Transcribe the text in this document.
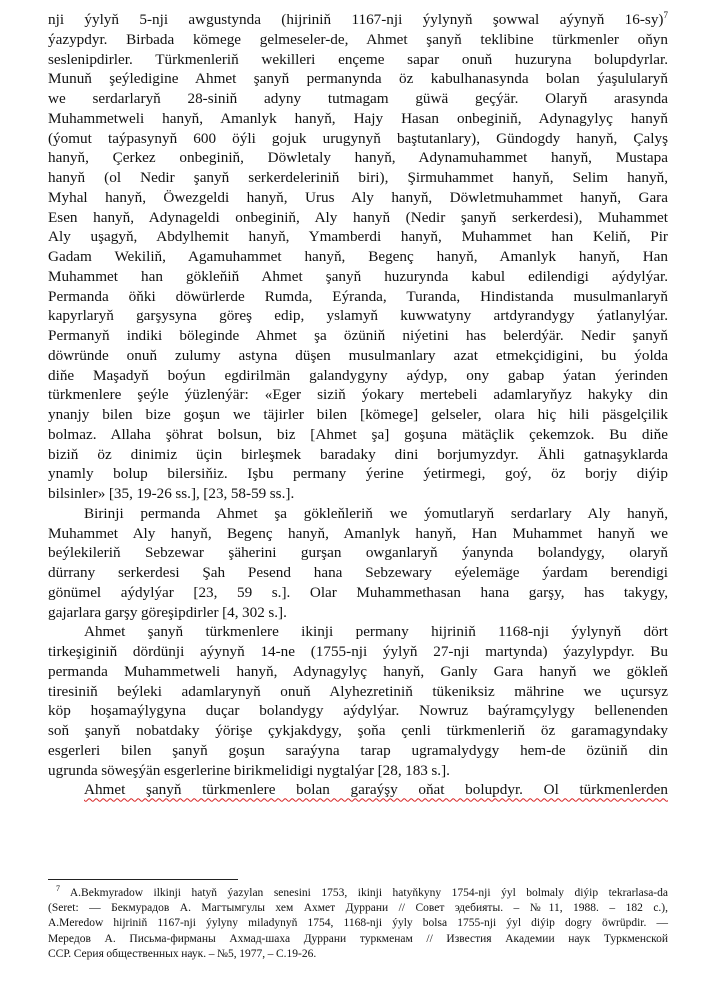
nji ýylyň 5-nji awgustynda (hijriniň 1167-nji ýylynyň şowwal aýynyň 16-sy)$^7$

ýazypdyr. Birbada kömege gelmeseler-de, Ahmet şanyň teklibine türkmenler oňyn

seslenipdirler. Türkmenleriň wekilleri ençeme sapar onuň huzuryna bolupdyrlar.

Munuň şeýledigine Ahmet şanyň permanynda öz kabulhanasynda bolan ýaşulularyň

we serdarlaryň 28-siniň adyny tutmagam güwä geçýär. Olaryň arasynda

Muhammetweli hanyň, Amanlyk hanyň, Hajy Hasan onbeginiň, Adynagylyç hanyň

(ýomut taýpasynyň 600 öýli gojuk urugynyň baştutanlary), Gündogdy hanyň, Çalyş

hanyň, Çerkez onbeginiň, Döwletaly hanyň, Adynamuhammet hanyň, Mustapa

hanyň (ol Nedir şanyň serkerdeleriniň biri), Şirmuhammet hanyň, Selim hanyň,

Myhal hanyň, Öwezgeldi hanyň, Urus Aly hanyň, Döwletmuhammet hanyň, Gara

Esen hanyň, Adynageldi onbeginiň, Aly hanyň (Nedir şanyň serkerdesi), Muhammet

Aly uşagyň, Abdylhemit hanyň, Ymamberdi hanyň, Muhammet han Keliň, Pir

Gadam Wekiliň, Agamuhammet hanyň, Begenç hanyň, Amanlyk hanyň, Han

Muhammet han gökleňiň Ahmet şanyň huzurynda kabul edilendigi aýdylýar.

Permanda öňki döwürlerde Rumda, Eýranda, Turanda, Hindistanda musulmanlaryň

kapyrlaryň garşysyna göreş edip, yslamyň kuwwatyny artdyrandygy ýatlanylýar.

Permanyň indiki böleginde Ahmet şa özüniň niýetini has belerdýär. Nedir şanyň

döwründe onuň zulumy astyna düşen musulmanlary azat etmekçidigini, bu ýolda

diňe Maşadyň boýun egdirilmän galandygyny aýdyp, ony gabap ýatan ýerinden

türkmenlere şeýle ýüzlenýär: «Eger siziň ýokary mertebeli adamlaryňyz hakyky din

ynanjy bilen bize goşun we täjirler bilen [kömege] gelseler, olara hiç hili päsgelçilik

bolmaz. Allaha şöhrat bolsun, biz [Ahmet şa] goşuna mätäçlik çekemzok. Bu diňe

biziň öz dinimiz üçin birleşmek baradaky dini borjumyzdyr. Ähli gatnaşyklarda

ynamly bolup bilersiňiz. Işbu permany ýerine ýetirmegi, goý, öz borjy diýip

bilsinler» [35, 19-26 ss.], [23, 58-59 ss.].

Birinji permanda Ahmet şa gökleňleriň we ýomutlaryň serdarlary Aly hanyň,

Muhammet Aly hanyň, Begenç hanyň, Amanlyk hanyň, Han Muhammet hanyň we

beýlekileriň Sebzewar şäherini gurşan owganlaryň ýanynda bolandygy, olaryň

dürrany serkerdesi Şah Pesend hana Sebzewary eýelemäge ýardam berendigi

gönümel aýdylýar [23, 59 s.]. Olar Muhammethasan hana garşy, has takygy,

gajarlara garşy göreşipdirler [4, 302 s.].

Ahmet şanyň türkmenlere ikinji permany hijriniň 1168-nji ýylynyň dört

tirkeşiginiň dördünji aýynyň 14-ne (1755-nji ýylyň 27-nji martynda) ýazylypdyr. Bu

permanda Muhammetweli hanyň, Adynagylyç hanyň, Ganly Gara hanyň we gökleň

tiresiniň beýleki adamlarynyň onuň Alyhezretiniň tükeniksiz mährine we uçursyz

köp hoşamaýlygyna duçar bolandygy aýdylýar. Nowruz baýramçylygy bellenenden

soň şanyň nobatdaky ýörişe çykjakdygy, şoňa çenli türkmenleriň öz garamagyndaky

esgerleri bilen şanyň goşun saraýyna tarap ugramalydygy hem-de özüniň din

ugrunda söweşýän esgerlerine birikmelidigi nygtalýar [28, 183 s.].

Ahmet şanyň türkmenlere bolan garaýşy oňat bolupdyr. Ol türkmenlerden

$^7$ A.Bekmyradow ilkinji hatyň ýazylan senesini 1753, ikinji hatyňkyny 1754-nji ýyl bolmaly diýip tekrarlasa-da

(Seret: — Бекмурадов А. Магтымгулы хем Ахмет Дуррани // Совет эдебияты. – №11, 1988. – 182 с.),

A.Meredow hijriniň 1167-nji ýylyny miladynyň 1754, 1168-nji ýyly bolsa 1755-nji ýyl diýip dogry öwrüpdir. —

Мередов А. Письма-фирманы Ахмад-шаха Дуррани туркменам // Известия Академии наук Туркменской

ССР. Серия общественных наук. – №5, 1977, – С.19-26.
